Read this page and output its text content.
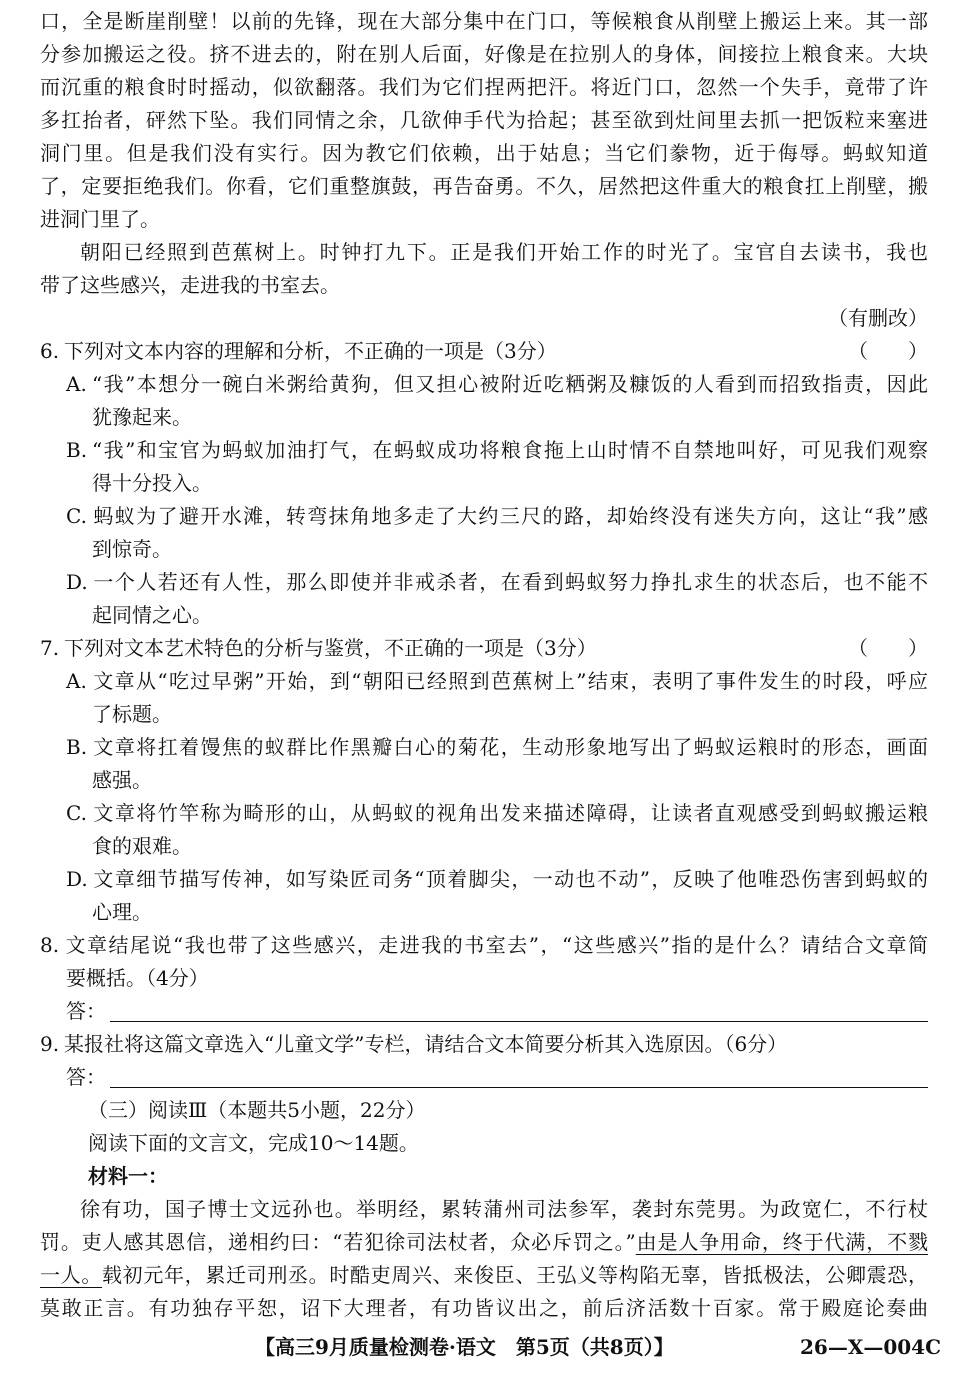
口，全是断崖削壁！以前的先锋，现在大部分集中在门口，等候粮食从削壁上搬运上来。其一部
分参加搬运之役。挤不进去的，附在别人后面，好像是在拉别人的身体，间接拉上粮食来。大块
而沉重的粮食时时摇动，似欲翻落。我们为它们捏两把汗。将近门口，忽然一个失手，竟带了许
多扛抬者，砰然下坠。我们同情之余，几欲伸手代为拾起；甚至欲到灶间里去抓一把饭粒来塞进
洞门里。但是我们没有实行。因为教它们依赖，出于姑息；当它们豢物，近于侮辱。蚂蚁知道
了，定要拒绝我们。你看，它们重整旗鼓，再告奋勇。不久，居然把这件重大的粮食扛上削壁，搬
进洞门里了。
朝阳已经照到芭蕉树上。时钟打九下。正是我们开始工作的时光了。宝官自去读书，我也
带了这些感兴，走进我的书室去。
（有删改）
6. 下列对文本内容的理解和分析，不正确的一项是（3分）	（　　）
A. “我”本想分一碗白米粥给黄狗，但又担心被附近吃粞粥及糠饭的人看到而招致指责，因此
犹豫起来。
B. “我”和宝官为蚂蚁加油打气，在蚂蚁成功将粮食拖上山时情不自禁地叫好，可见我们观察
得十分投入。
C. 蚂蚁为了避开水滩，转弯抹角地多走了大约三尺的路，却始终没有迷失方向，这让“我”感
到惊奇。
D. 一个人若还有人性，那么即使并非戒杀者，在看到蚂蚁努力挣扎求生的状态后，也不能不
起同情之心。
7. 下列对文本艺术特色的分析与鉴赏，不正确的一项是（3分）	（　　）
A. 文章从“吃过早粥”开始，到“朝阳已经照到芭蕉树上”结束，表明了事件发生的时段，呼应
了标题。
B. 文章将扛着馒焦的蚁群比作黑瓣白心的菊花，生动形象地写出了蚂蚁运粮时的形态，画面
感强。
C. 文章将竹竿称为畸形的山，从蚂蚁的视角出发来描述障碍，让读者直观感受到蚂蚁搬运粮
食的艰难。
D. 文章细节描写传神，如写染匠司务“顶着脚尖，一动也不动”，反映了他唯恐伤害到蚂蚁的
心理。
8. 文章结尾说“我也带了这些感兴，走进我的书室去”，“这些感兴”指的是什么？请结合文章简
要概括。（4分）
答：
9. 某报社将这篇文章选入“儿童文学”专栏，请结合文本简要分析其入选原因。（6分）
答：
（三）阅读Ⅲ（本题共5小题，22分）
阅读下面的文言文，完成10～14题。
材料一：
徐有功，国子博士文远孙也。举明经，累转蒲州司法参军，袭封东莞男。为政宽仁，不行杖
罚。吏人感其恩信，递相约曰：“若犯徐司法杖者，众必斥罚之。”由是人争用命，终于代满，不戮
一人。载初元年，累迁司刑丞。时酷吏周兴、来俊臣、王弘义等构陷无辜，皆抵极法，公卿震恐，
莫敢正言。有功独存平恕，诏下大理者，有功皆议出之，前后济活数十百家。常于殿庭论奏曲
【高三9月质量检测卷·语文　第5页（共8页）】	26—X—004C
